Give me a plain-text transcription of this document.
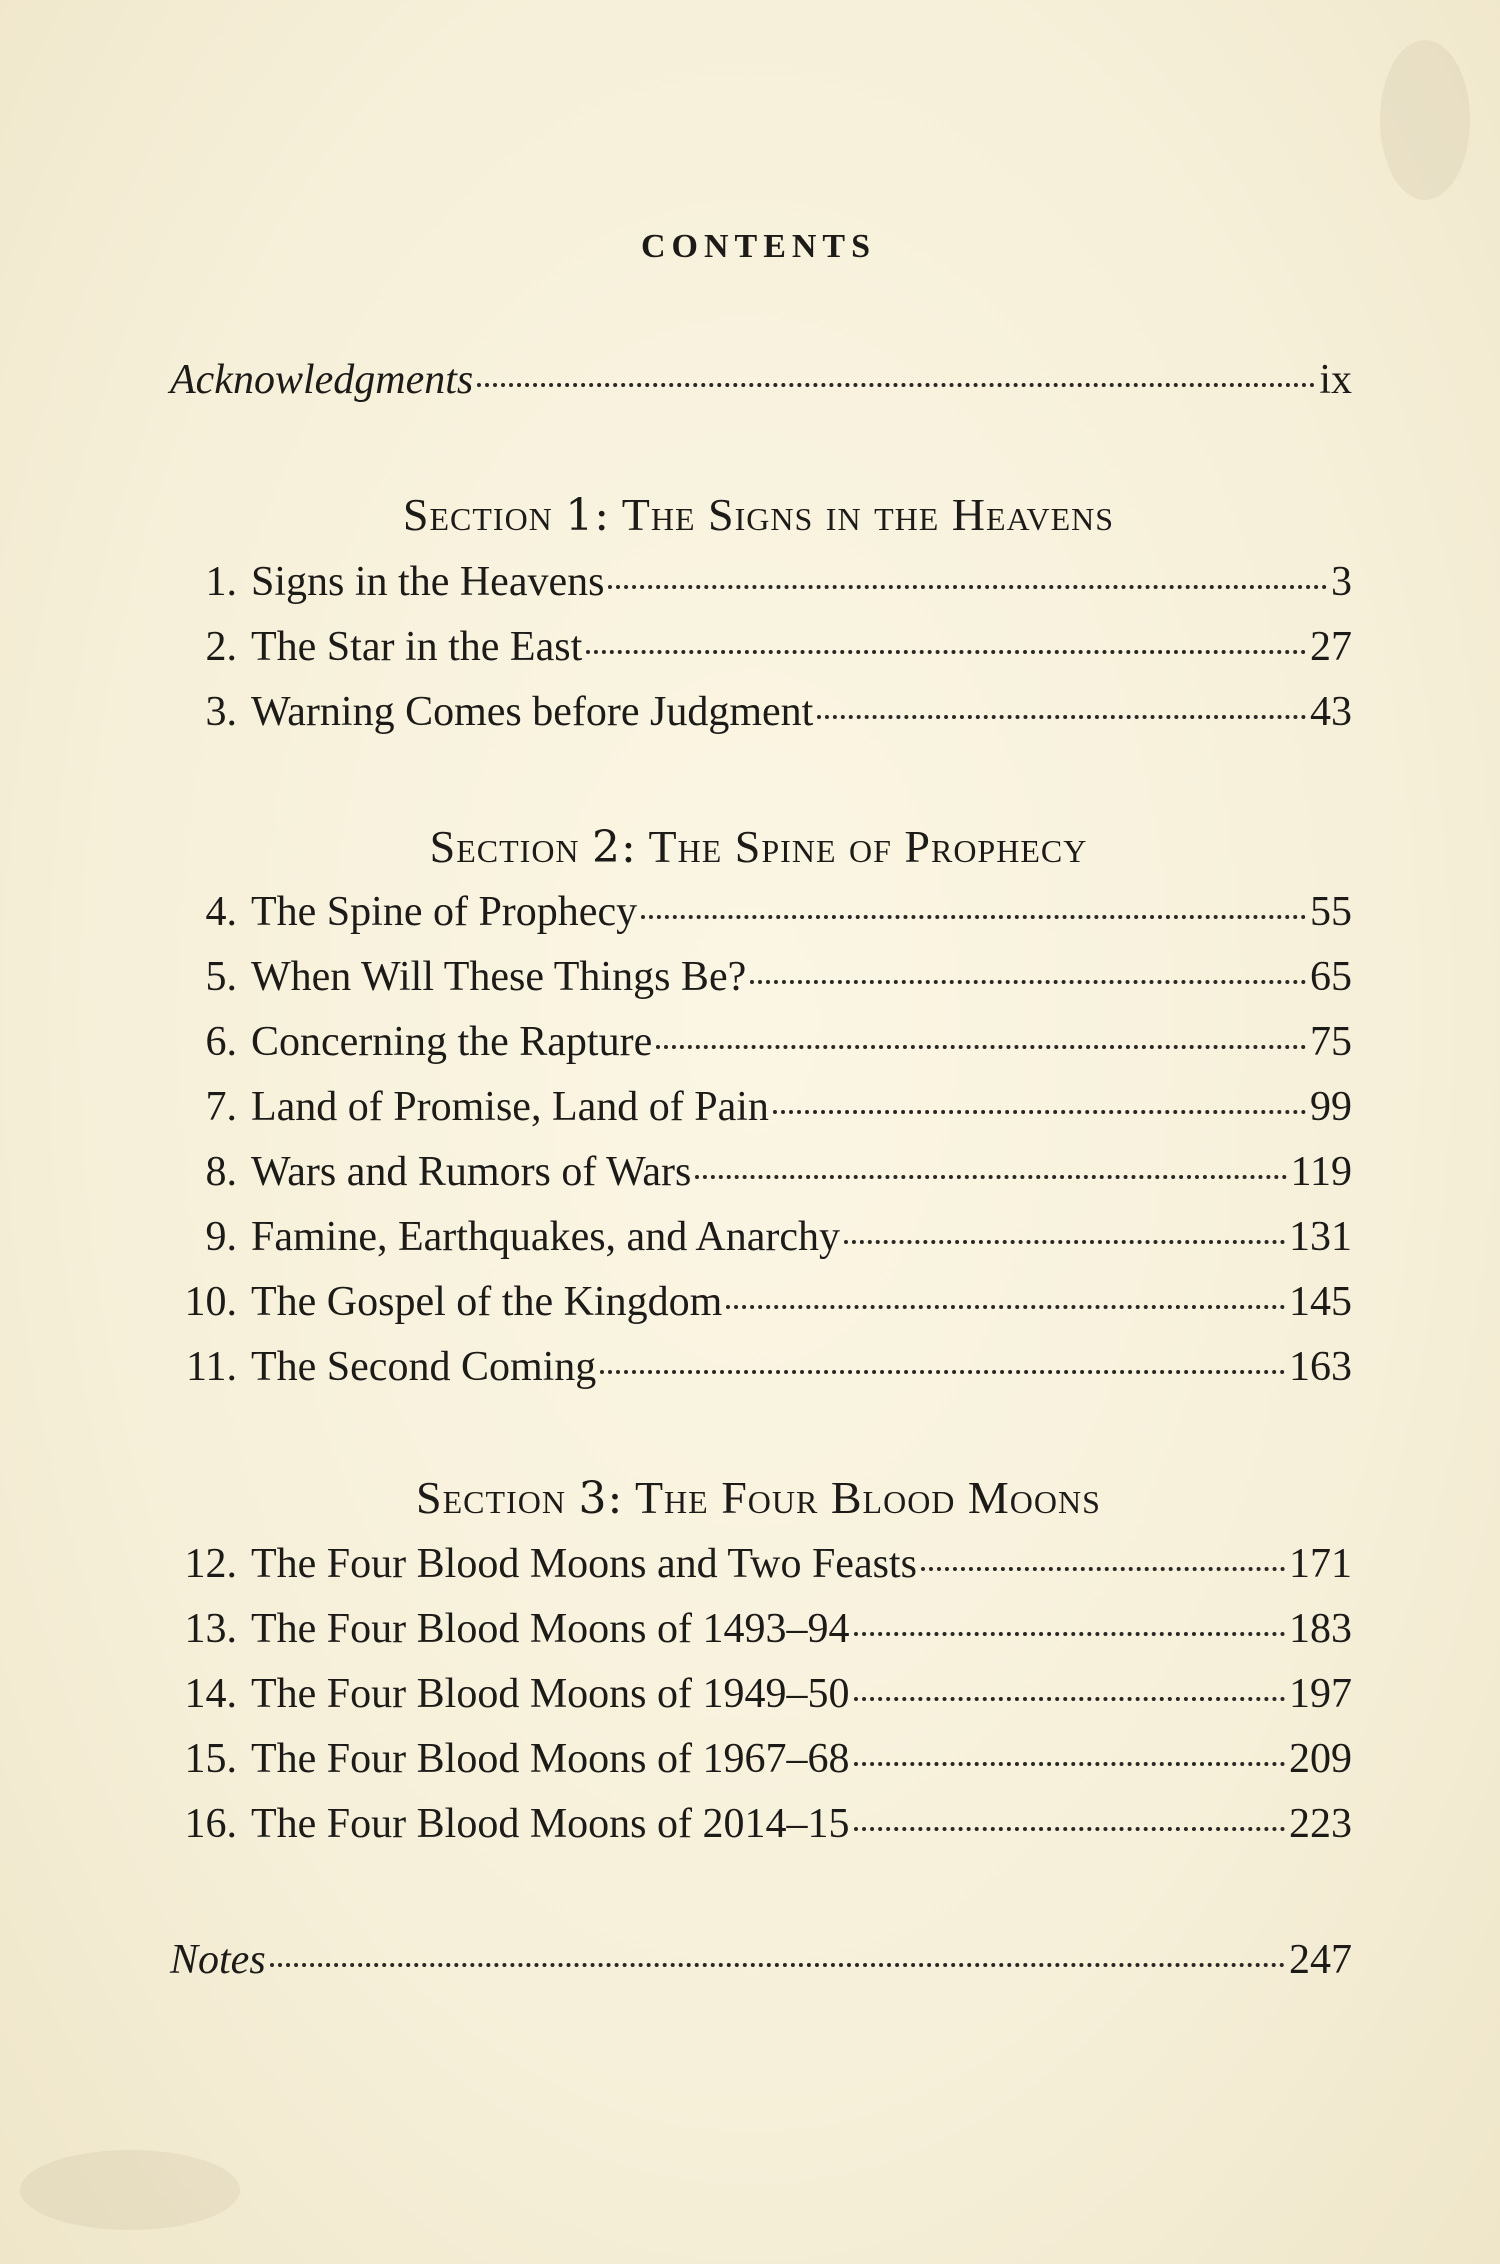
CONTENTS
Acknowledgments	ix
Notes	247
Section 1: The Signs in the Heavens
1. Signs in the Heavens	3
2. The Star in the East	27
3. Warning Comes before Judgment	43
Section 2: The Spine of Prophecy
4. The Spine of Prophecy	55
5. When Will These Things Be?	65
6. Concerning the Rapture	75
7. Land of Promise, Land of Pain	99
8. Wars and Rumors of Wars	119
9. Famine, Earthquakes, and Anarchy	131
10. The Gospel of the Kingdom	145
11. The Second Coming	163
Section 3: The Four Blood Moons
12. The Four Blood Moons and Two Feasts	171
13. The Four Blood Moons of 1493–94	183
14. The Four Blood Moons of 1949–50	197
15. The Four Blood Moons of 1967–68	209
16. The Four Blood Moons of 2014–15	223
